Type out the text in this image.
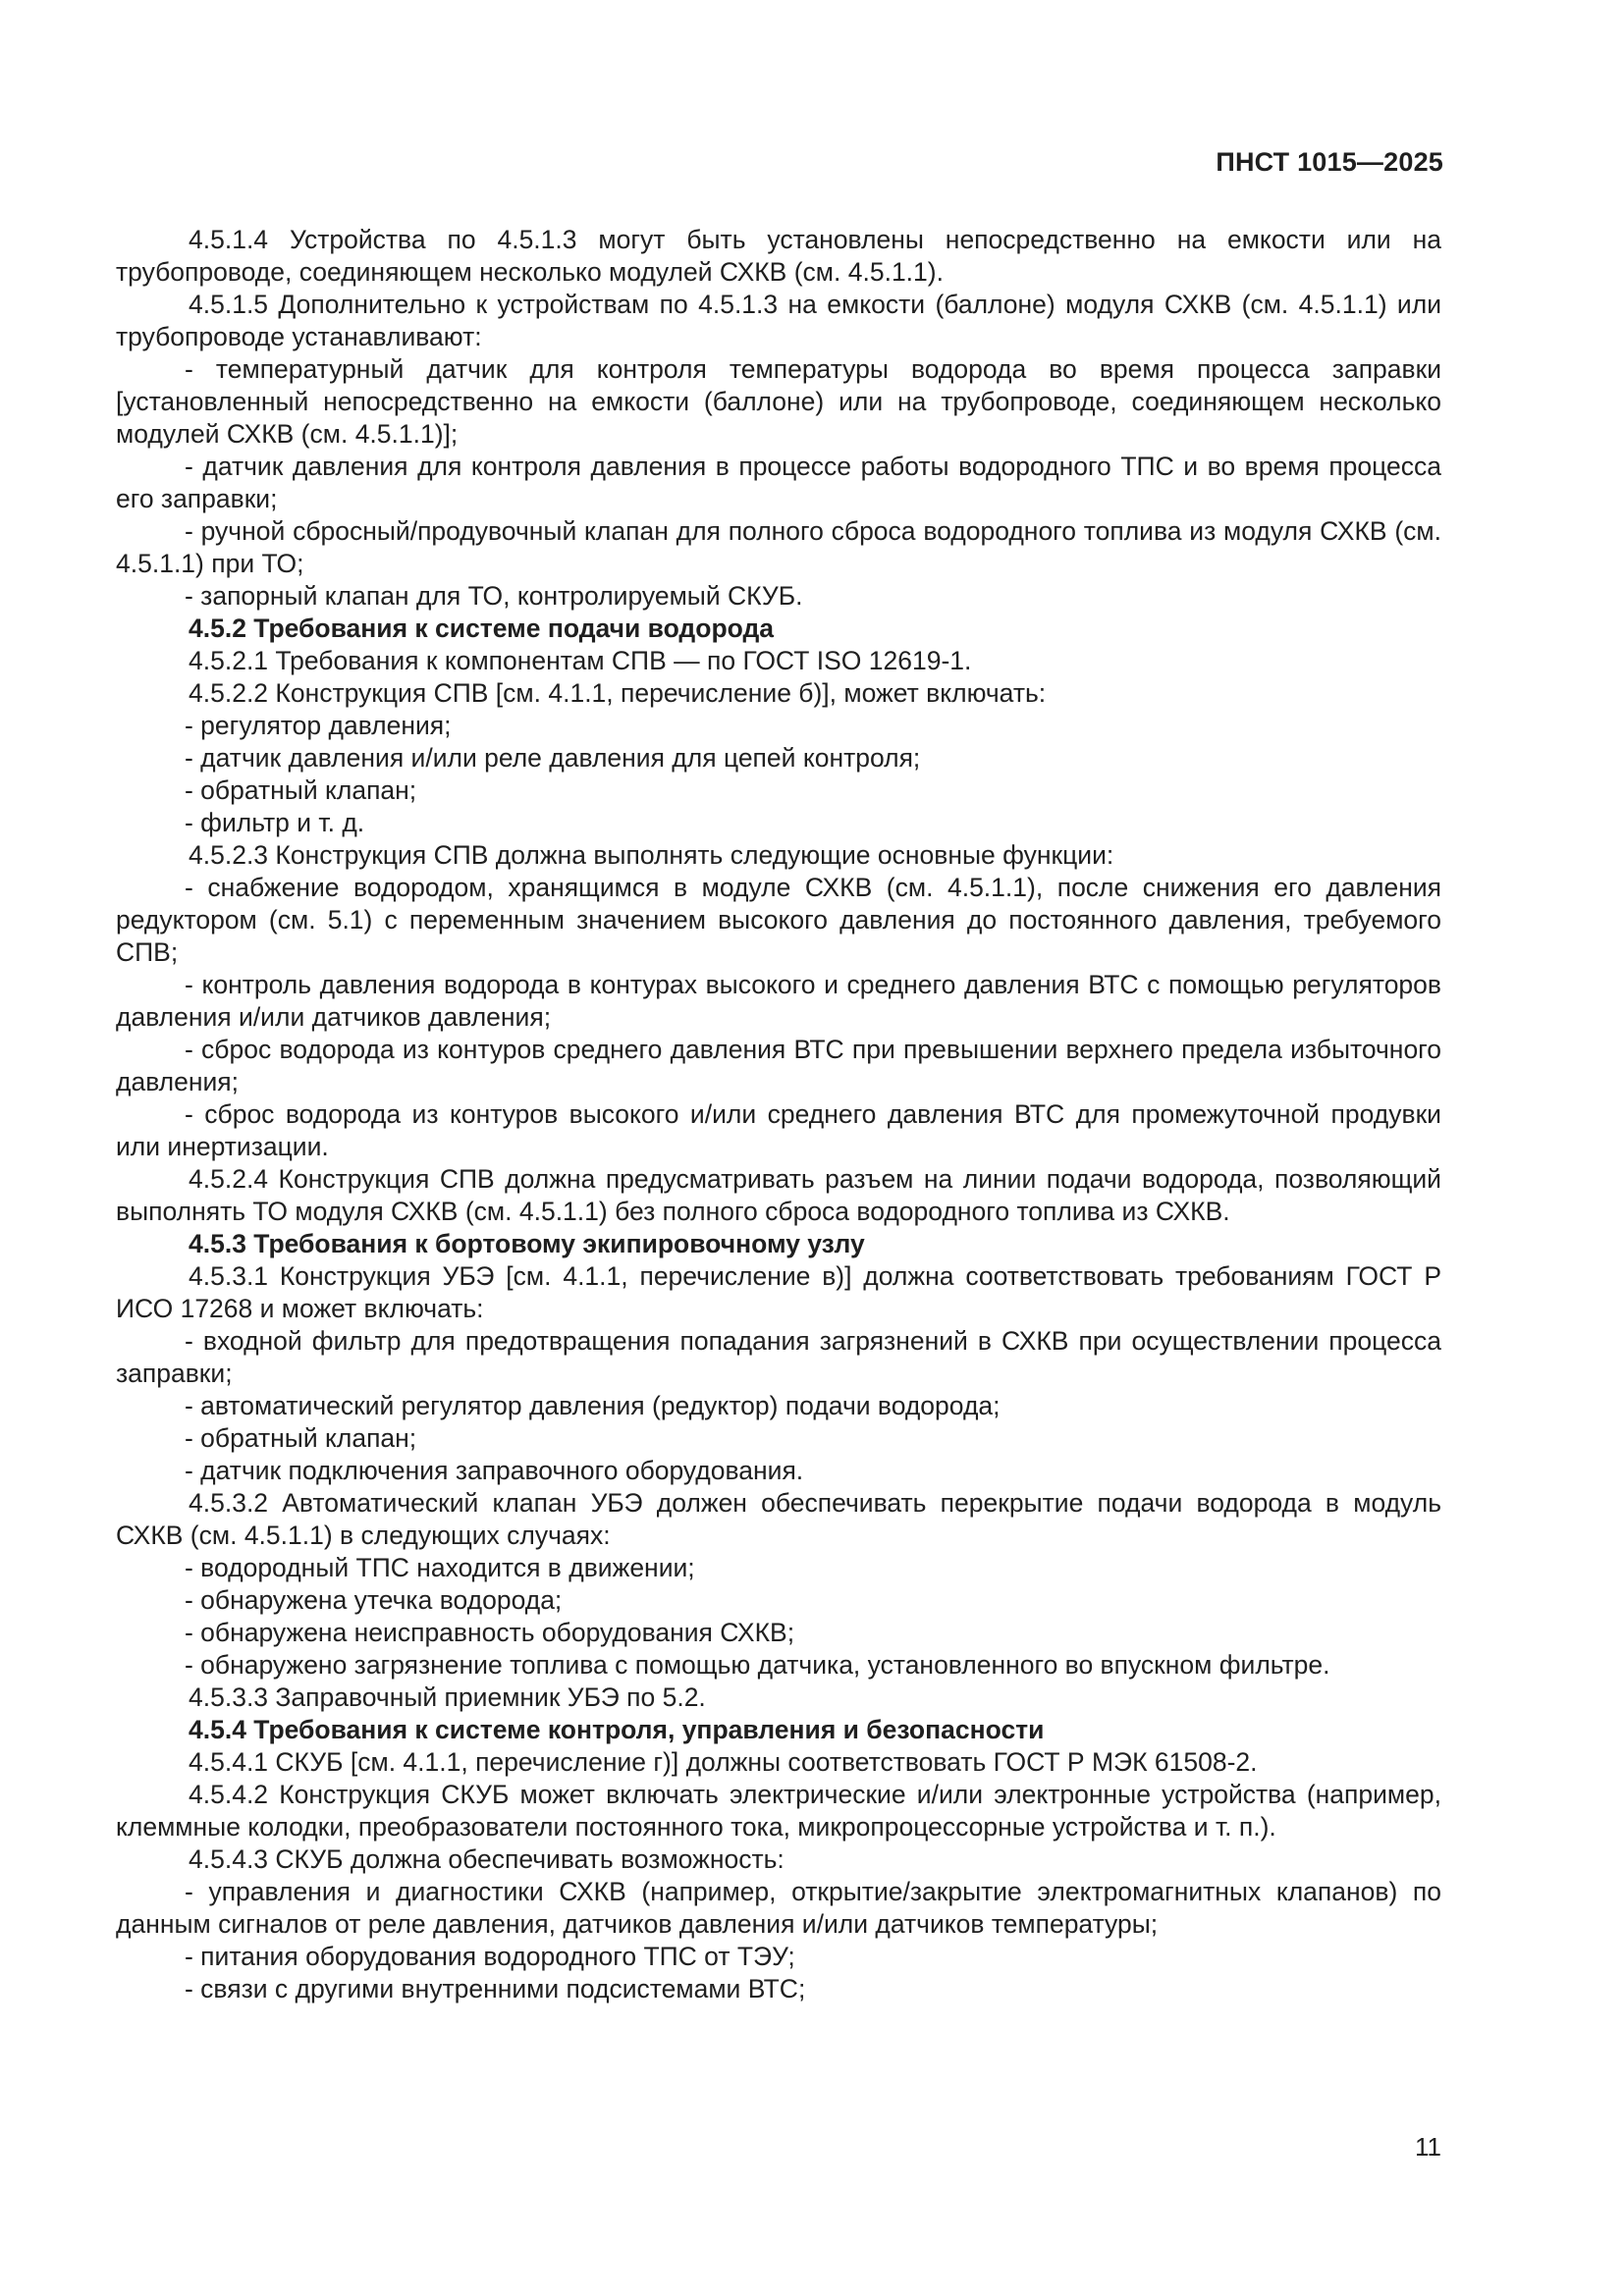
ПНСТ 1015—2025

4.5.1.4 Устройства по 4.5.1.3 могут быть установлены непосредственно на емкости или на трубопроводе, соединяющем несколько модулей СХКВ (см. 4.5.1.1).

4.5.1.5 Дополнительно к устройствам по 4.5.1.3 на емкости (баллоне) модуля СХКВ (см. 4.5.1.1) или трубопроводе устанавливают:

- температурный датчик для контроля температуры водорода во время процесса заправки [установленный непосредственно на емкости (баллоне) или на трубопроводе, соединяющем несколько модулей СХКВ (см. 4.5.1.1)];

- датчик давления для контроля давления в процессе работы водородного ТПС и во время процесса его заправки;

- ручной сбросный/продувочный клапан для полного сброса водородного топлива из модуля СХКВ (см. 4.5.1.1) при ТО;

- запорный клапан для ТО, контролируемый СКУБ.

4.5.2 Требования к системе подачи водорода

4.5.2.1 Требования к компонентам СПВ — по ГОСТ ISO 12619-1.

4.5.2.2 Конструкция СПВ [см. 4.1.1, перечисление б)], может включать:

- регулятор давления;

- датчик давления и/или реле давления для цепей контроля;

- обратный клапан;

- фильтр и т. д.

4.5.2.3 Конструкция СПВ должна выполнять следующие основные функции:

- снабжение водородом, хранящимся в модуле СХКВ (см. 4.5.1.1), после снижения его давления редуктором (см. 5.1) с переменным значением высокого давления до постоянного давления, требуемого СПВ;

- контроль давления водорода в контурах высокого и среднего давления ВТС с помощью регуляторов давления и/или датчиков давления;

- сброс водорода из контуров среднего давления ВТС при превышении верхнего предела избыточного давления;

- сброс водорода из контуров высокого и/или среднего давления ВТС для промежуточной продувки или инертизации.

4.5.2.4 Конструкция СПВ должна предусматривать разъем на линии подачи водорода, позволяющий выполнять ТО модуля СХКВ (см. 4.5.1.1) без полного сброса водородного топлива из СХКВ.

4.5.3 Требования к бортовому экипировочному узлу

4.5.3.1 Конструкция УБЭ [см. 4.1.1, перечисление в)] должна соответствовать требованиям ГОСТ Р ИСО 17268 и может включать:

- входной фильтр для предотвращения попадания загрязнений в СХКВ при осуществлении процесса заправки;

- автоматический регулятор давления (редуктор) подачи водорода;

- обратный клапан;

- датчик подключения заправочного оборудования.

4.5.3.2 Автоматический клапан УБЭ должен обеспечивать перекрытие подачи водорода в модуль СХКВ (см. 4.5.1.1) в следующих случаях:

- водородный ТПС находится в движении;

- обнаружена утечка водорода;

- обнаружена неисправность оборудования СХКВ;

- обнаружено загрязнение топлива с помощью датчика, установленного во впускном фильтре.

4.5.3.3 Заправочный приемник УБЭ по 5.2.

4.5.4 Требования к системе контроля, управления и безопасности

4.5.4.1 СКУБ [см. 4.1.1, перечисление г)] должны соответствовать ГОСТ Р МЭК 61508-2.

4.5.4.2 Конструкция СКУБ может включать электрические и/или электронные устройства (например, клеммные колодки, преобразователи постоянного тока, микропроцессорные устройства и т. п.).

4.5.4.3 СКУБ должна обеспечивать возможность:

- управления и диагностики СХКВ (например, открытие/закрытие электромагнитных клапанов) по данным сигналов от реле давления, датчиков давления и/или датчиков температуры;

- питания оборудования водородного ТПС от ТЭУ;

- связи с другими внутренними подсистемами ВТС;

11
